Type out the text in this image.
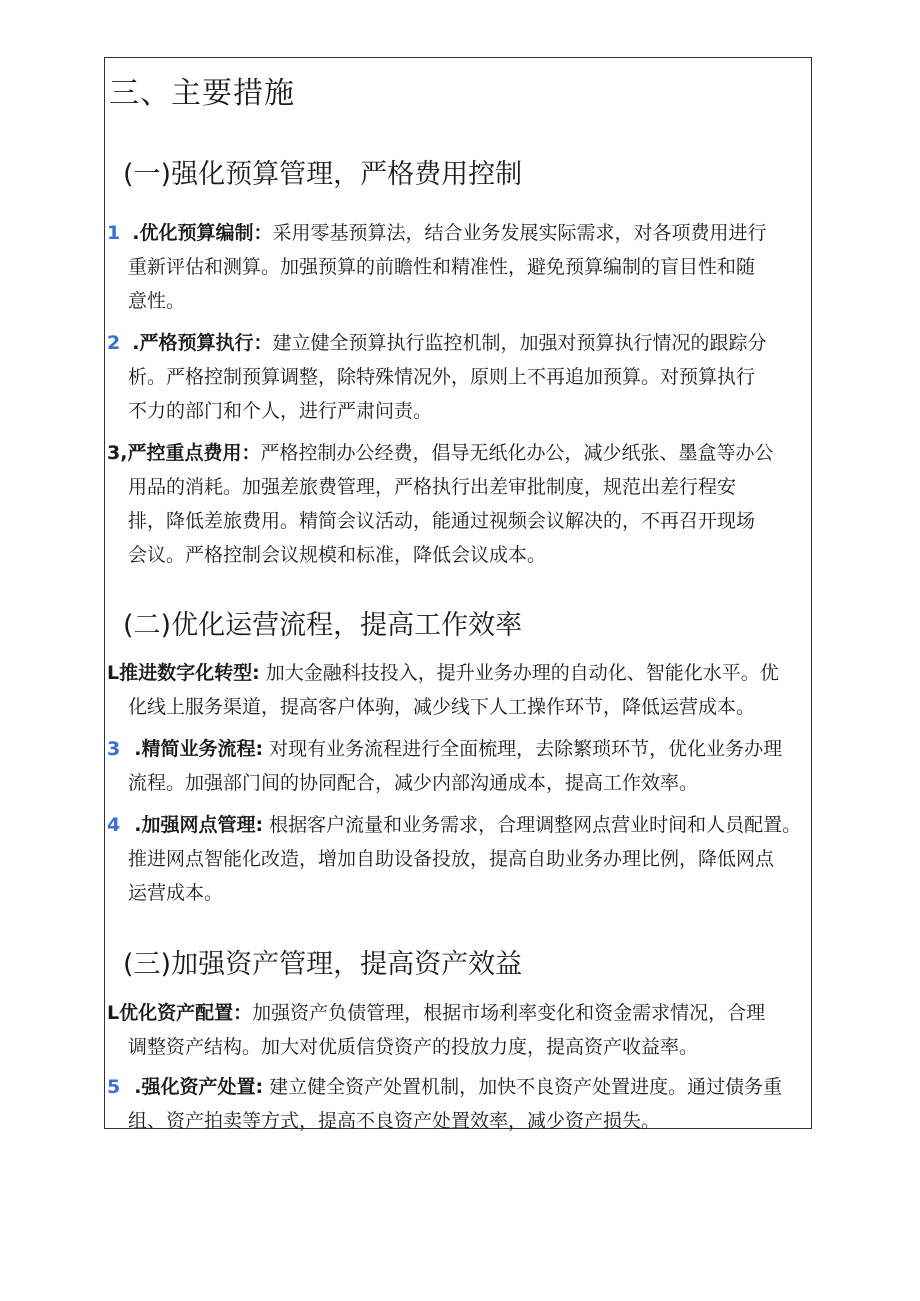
三、主要措施
(一)强化预算管理，严格费用控制
1 .优化预算编制：采用零基预算法，结合业务发展实际需求，对各项费用进行
重新评估和测算。加强预算的前瞻性和精准性，避免预算编制的盲目性和随
意性。
2 .严格预算执行：建立健全预算执行监控机制，加强对预算执行情况的跟踪分
析。严格控制预算调整，除特殊情况外，原则上不再追加预算。对预算执行
不力的部门和个人，进行严肃问责。
3,严控重点费用：严格控制办公经费，倡导无纸化办公，减少纸张、墨盒等办公
用品的消耗。加强差旅费管理，严格执行出差审批制度，规范出差行程安
排，降低差旅费用。精简会议活动，能通过视频会议解决的，不再召开现场
会议。严格控制会议规模和标准，降低会议成本。
(二)优化运营流程，提高工作效率
L推进数字化转型: 加大金融科技投入，提升业务办理的自动化、智能化水平。优
化线上服务渠道，提高客户体驹，减少线下人工操作环节，降低运营成本。
3 .精简业务流程: 对现有业务流程进行全面梳理，去除繁琐环节，优化业务办理
流程。加强部门间的协同配合，减少内部沟通成本，提高工作效率。
4 .加强网点管理: 根据客户流量和业务需求，合理调整网点营业时间和人员配置。
推进网点智能化改造，增加自助设备投放，提高自助业务办理比例，降低网点
运营成本。
(三)加强资产管理，提高资产效益
L优化资产配置：加强资产负债管理，根据市场利率变化和资金需求情况，合理
调整资产结构。加大对优质信贷资产的投放力度，提高资产收益率。
5 .强化资产处置: 建立健全资产处置机制，加快不良资产处置进度。通过债务重
组、资产拍卖等方式，提高不良资产处置效率，减少资产损失。
